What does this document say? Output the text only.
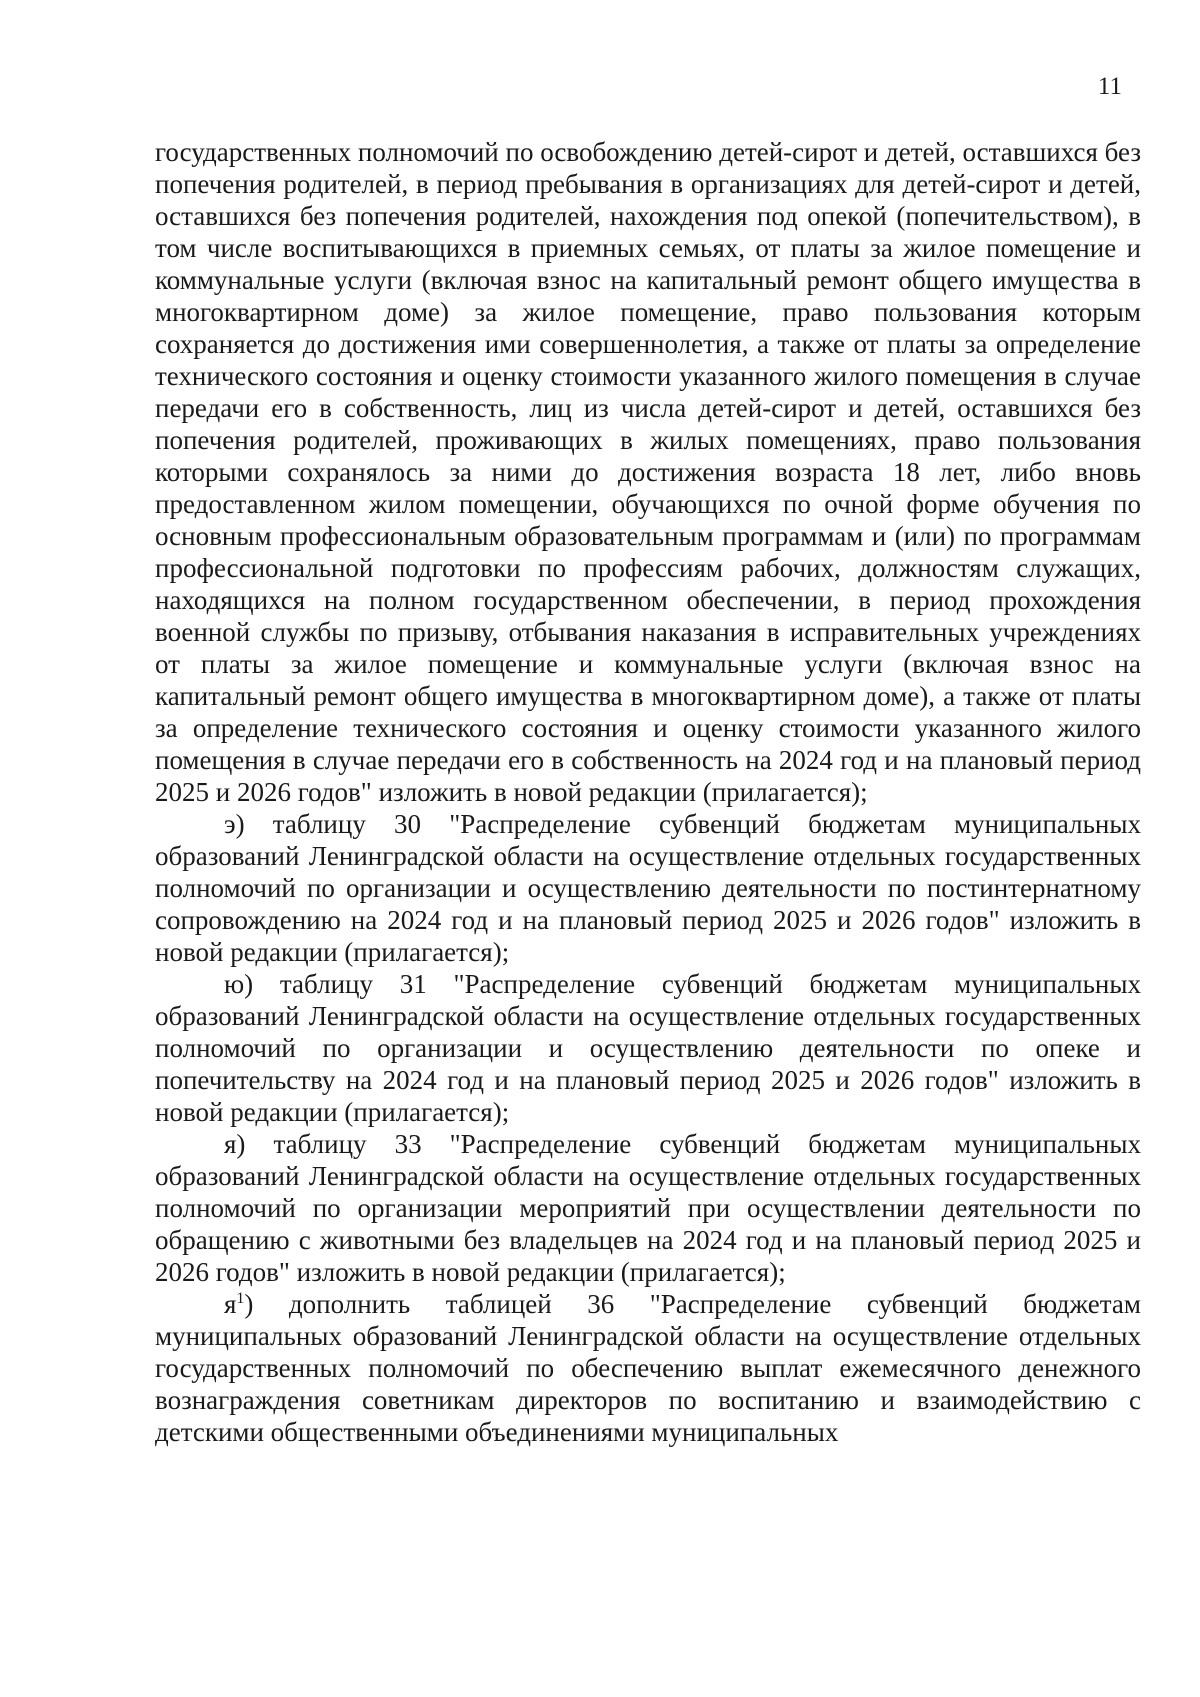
11

государственных полномочий по освобождению детей-сирот и детей, оставшихся без попечения родителей, в период пребывания в организациях для детей-сирот и детей, оставшихся без попечения родителей, нахождения под опекой (попечительством), в том числе воспитывающихся в приемных семьях, от платы за жилое помещение и коммунальные услуги (включая взнос на капитальный ремонт общего имущества в многоквартирном доме) за жилое помещение, право пользования которым сохраняется до достижения ими совершеннолетия, а также от платы за определение технического состояния и оценку стоимости указанного жилого помещения в случае передачи его в собственность, лиц из числа детей-сирот и детей, оставшихся без попечения родителей, проживающих в жилых помещениях, право пользования которыми сохранялось за ними до достижения возраста 18 лет, либо вновь предоставленном жилом помещении, обучающихся по очной форме обучения по основным профессиональным образовательным программам и (или) по программам профессиональной подготовки по профессиям рабочих, должностям служащих, находящихся на полном государственном обеспечении, в период прохождения военной службы по призыву, отбывания наказания в исправительных учреждениях от платы за жилое помещение и коммунальные услуги (включая взнос на капитальный ремонт общего имущества в многоквартирном доме), а также от платы за определение технического состояния и оценку стоимости указанного жилого помещения в случае передачи его в собственность на 2024 год и на плановый период 2025 и 2026 годов" изложить в новой редакции (прилагается);

э) таблицу 30 "Распределение субвенций бюджетам муниципальных образований Ленинградской области на осуществление отдельных государственных полномочий по организации и осуществлению деятельности по постинтернатному сопровождению на 2024 год и на плановый период 2025 и 2026 годов" изложить в новой редакции (прилагается);

ю) таблицу 31 "Распределение субвенций бюджетам муниципальных образований Ленинградской области на осуществление отдельных государственных полномочий по организации и осуществлению деятельности по опеке и попечительству на 2024 год и на плановый период 2025 и 2026 годов" изложить в новой редакции (прилагается);

я) таблицу 33 "Распределение субвенций бюджетам муниципальных образований Ленинградской области на осуществление отдельных государственных полномочий по организации мероприятий при осуществлении деятельности по обращению с животными без владельцев на 2024 год и на плановый период 2025 и 2026 годов" изложить в новой редакции (прилагается);

$я^1$) дополнить таблицей 36 "Распределение субвенций бюджетам муниципальных образований Ленинградской области на осуществление отдельных государственных полномочий по обеспечению выплат ежемесячного денежного вознаграждения советникам директоров по воспитанию и взаимодействию с детскими общественными объединениями муниципальных
